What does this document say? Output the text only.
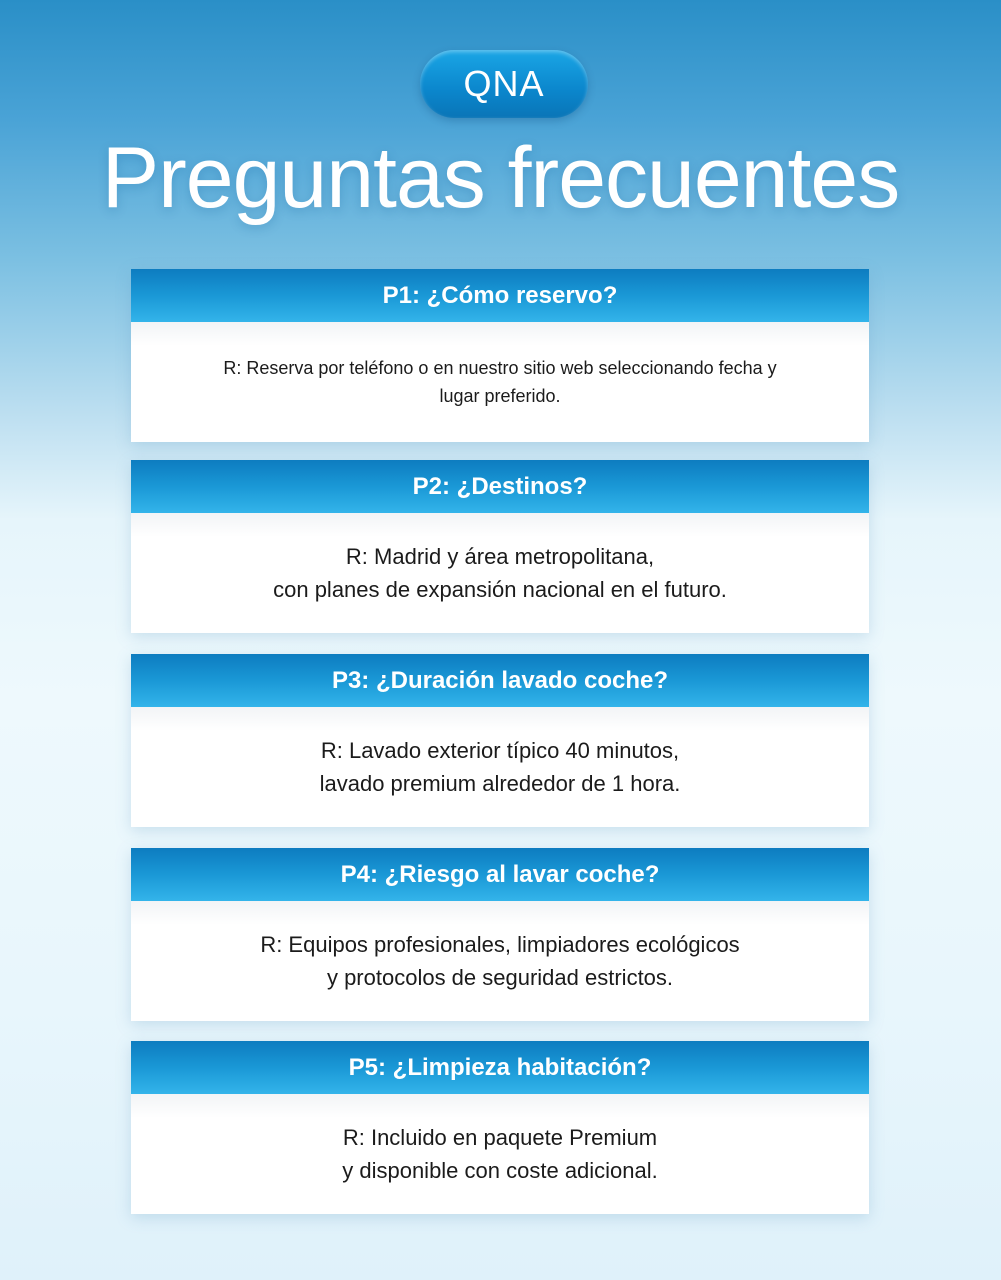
QNA
Preguntas frecuentes
P1: ¿Cómo reservo?
R: Reserva por teléfono o en nuestro sitio web seleccionando fecha y
lugar preferido.
P2: ¿Destinos?
R: Madrid y área metropolitana,
con planes de expansión nacional en el futuro.
P3: ¿Duración lavado coche?
R: Lavado exterior típico 40 minutos,
lavado premium alrededor de 1 hora.
P4: ¿Riesgo al lavar coche?
R: Equipos profesionales, limpiadores ecológicos
y protocolos de seguridad estrictos.
P5: ¿Limpieza habitación?
R: Incluido en paquete Premium
y disponible con coste adicional.
